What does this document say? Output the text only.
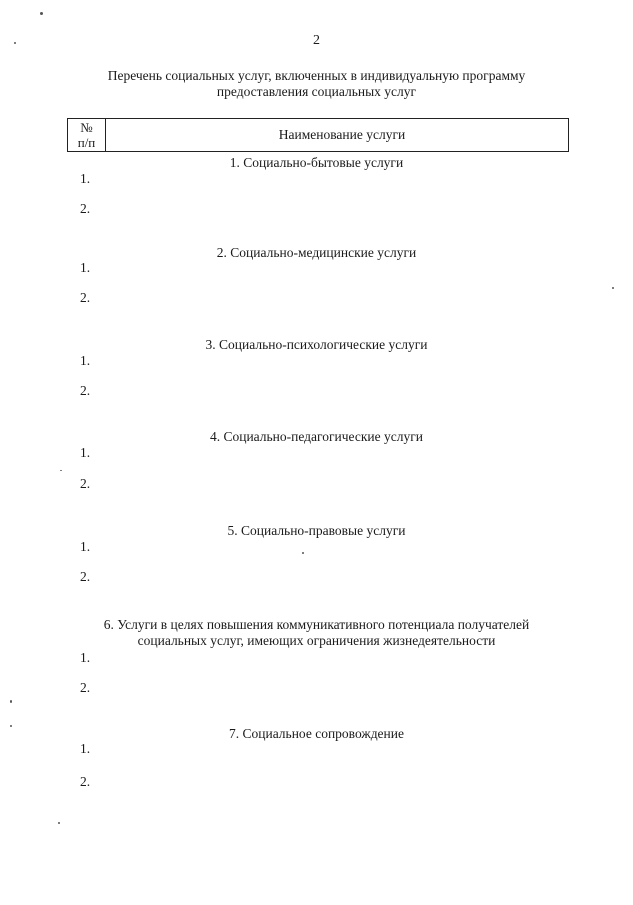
2
Перечень социальных услуг, включенных в индивидуальную программу
предоставления социальных услуг
№
п/п
Наименование услуги
1. Социально-бытовые услуги
1.
2.
2. Социально-медицинские услуги
1.
2.
3. Социально-психологические услуги
1.
2.
4. Социально-педагогические услуги
1.
2.
5. Социально-правовые услуги
1.
2.
6. Услуги в целях повышения коммуникативного потенциала получателей
социальных услуг, имеющих ограничения жизнедеятельности
1.
2.
7. Социальное сопровождение
1.
2.
